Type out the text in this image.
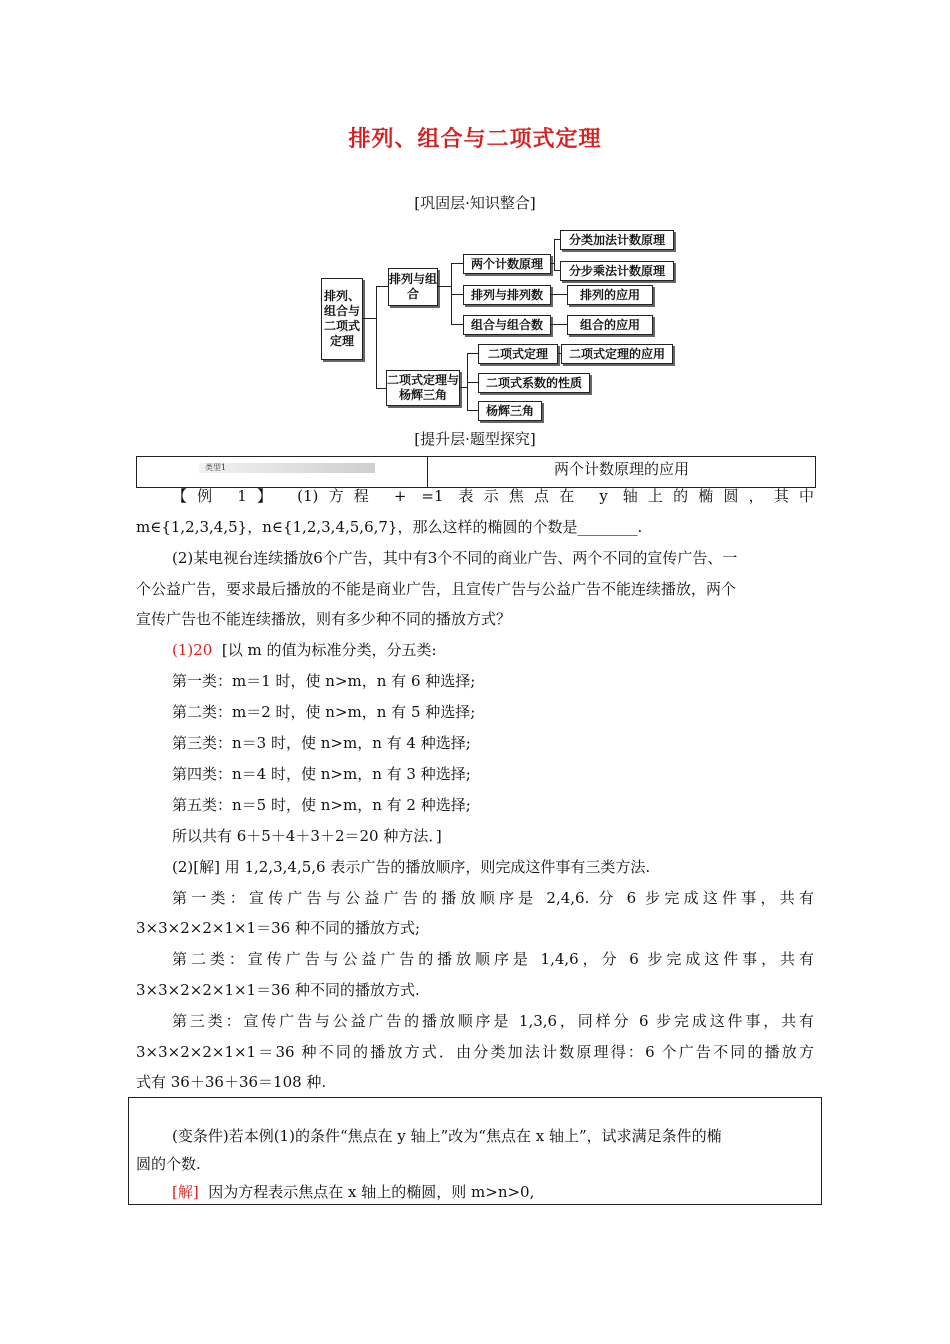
排列、组合与二项式定理
[巩固层·知识整合]
排列、组合与二项式定理
排列与组合
二项式定理与杨辉三角
两个计数原理
分类加法计数原理
分步乘法计数原理
排列与排列数	排列的应用
组合与组合数	组合的应用
二项式定理	二项式定理的应用
二项式系数的性质
杨辉三角
[提升层·题型探究]
类型1	两个计数原理的应用
【例 1】 (1)方程 + =1 表示焦点在 y 轴上的椭圆，其中
m∈{1,2,3,4,5}，n∈{1,2,3,4,5,6,7}，那么这样的椭圆的个数是________.
(2)某电视台连续播放6个广告，其中有3个不同的商业广告、两个不同的宣传广告、一
个公益广告，要求最后播放的不能是商业广告，且宣传广告与公益广告不能连续播放，两个
宣传广告也不能连续播放，则有多少种不同的播放方式？
(1)20 [以 m 的值为标准分类，分五类:
第一类：m＝1 时，使 n>m，n 有 6 种选择;
第二类：m＝2 时，使 n>m，n 有 5 种选择;
第三类：n＝3 时，使 n>m，n 有 4 种选择;
第四类：n＝4 时，使 n>m，n 有 3 种选择;
第五类：n＝5 时，使 n>m，n 有 2 种选择;
所以共有 6＋5＋4＋3＋2＝20 种方法．]
(2)[解] 用 1,2,3,4,5,6 表示广告的播放顺序，则完成这件事有三类方法.
第一类：宣传广告与公益广告的播放顺序是 2,4,6. 分 6 步完成这件事，共有
3×3×2×2×1×1＝36 种不同的播放方式;
第二类：宣传广告与公益广告的播放顺序是 1,4,6，分 6 步完成这件事，共有
3×3×2×2×1×1＝36 种不同的播放方式.
第三类：宣传广告与公益广告的播放顺序是 1,3,6，同样分 6 步完成这件事，共有
3×3×2×2×1×1＝36 种不同的播放方式．由分类加法计数原理得：6 个广告不同的播放方
式有 36＋36＋36＝108 种.
(变条件)若本例(1)的条件“焦点在 y 轴上”改为“焦点在 x 轴上”，试求满足条件的椭
圆的个数.
[解] 因为方程表示焦点在 x 轴上的椭圆，则 m>n>0,
